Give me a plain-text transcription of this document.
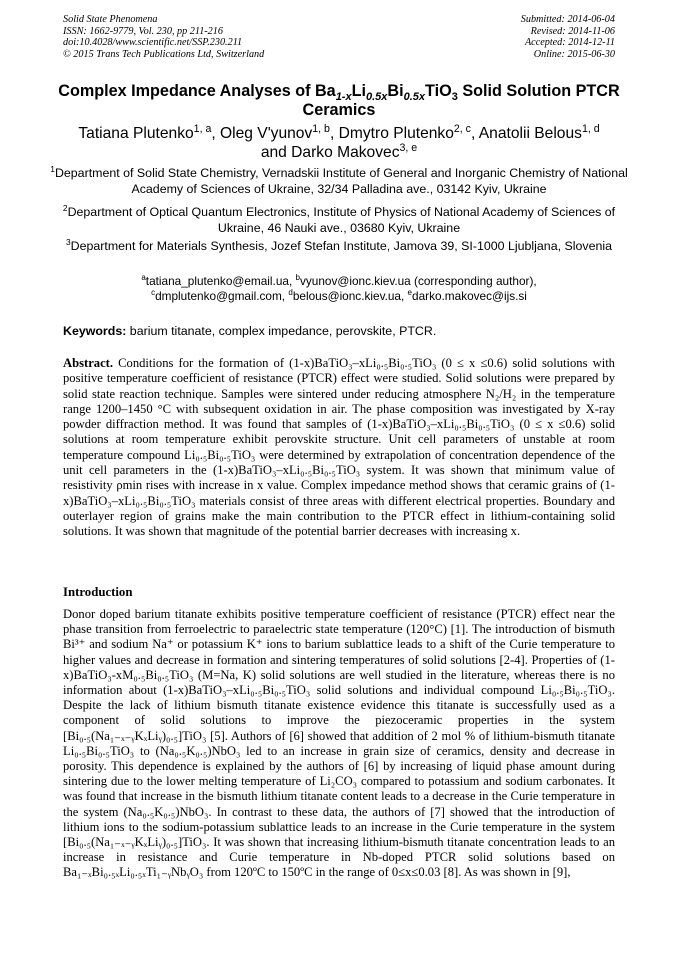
Solid State Phenomena
ISSN: 1662-9779, Vol. 230, pp 211-216
doi:10.4028/www.scientific.net/SSP.230.211
© 2015 Trans Tech Publications Ltd, Switzerland
Submitted: 2014-06-04
Revised: 2014-11-06
Accepted: 2014-12-11
Online: 2015-06-30
Complex Impedance Analyses of $Ba_{1-x}Li_{0.5x}Bi_{0.5x}TiO_3$ Solid Solution PTCR Ceramics
Tatiana Plutenko$^{1, a}$, Oleg V'yunov$^{1, b}$, Dmytro Plutenko$^{2, c}$, Anatolii Belous$^{1, d}$
and Darko Makovec$^{3, e}$
$^1$Department of Solid State Chemistry, Vernadskii Institute of General and Inorganic Chemistry of National Academy of Sciences of Ukraine, 32/34 Palladina ave., 03142 Kyiv, Ukraine
$^2$Department of Optical Quantum Electronics, Institute of Physics of National Academy of Sciences of Ukraine, 46 Nauki ave., 03680 Kyiv, Ukraine
$^3$Department for Materials Synthesis, Jozef Stefan Institute, Jamova 39, SI-1000 Ljubljana, Slovenia
$^a$tatiana_plutenko@email.ua, $^b$vyunov@ionc.kiev.ua (corresponding author),
$^c$dmplutenko@gmail.com, $^d$belous@ionc.kiev.ua, $^e$darko.makovec@ijs.si
Keywords: barium titanate, complex impedance, perovskite, PTCR.

Abstract. Conditions for the formation of (1-x)BaTiO₃–xLi₀.₅Bi₀.₅TiO₃ (0 ≤ x ≤0.6) solid solutions with positive temperature coefficient of resistance (PTCR) effect were studied. Solid solutions were prepared by solid state reaction technique. Samples were sintered under reducing atmosphere N₂/H₂ in the temperature range 1200–1450 °C with subsequent oxidation in air. The phase composition was investigated by X-ray powder diffraction method. It was found that samples of (1-x)BaTiO₃–xLi₀.₅Bi₀.₅TiO₃ (0 ≤ x ≤0.6) solid solutions at room temperature exhibit perovskite structure. Unit cell parameters of unstable at room temperature compound Li₀.₅Bi₀.₅TiO₃ were determined by extrapolation of concentration dependence of the unit cell parameters in the (1-x)BaTiO₃–xLi₀.₅Bi₀.₅TiO₃ system. It was shown that minimum value of resistivity ρmin rises with increase in x value. Complex impedance method shows that ceramic grains of (1-x)BaTiO₃–xLi₀.₅Bi₀.₅TiO₃ materials consist of three areas with different electrical properties. Boundary and outerlayer region of grains make the main contribution to the PTCR effect in lithium-containing solid solutions. It was shown that magnitude of the potential barrier decreases with increasing x.

Introduction

Donor doped barium titanate exhibits positive temperature coefficient of resistance (PTCR) effect near the phase transition from ferroelectric to paraelectric state temperature (120°C) [1]. The introduction of bismuth Bi³⁺ and sodium Na⁺ or potassium K⁺ ions to barium sublattice leads to a shift of the Curie temperature to higher values and decrease in formation and sintering temperatures of solid solutions [2-4]. Properties of (1-x)BaTiO₃-xM₀.₅Bi₀.₅TiO₃ (M=Na, K) solid solutions are well studied in the literature, whereas there is no information about (1-x)BaTiO₃–xLi₀.₅Bi₀.₅TiO₃ solid solutions and individual compound Li₀.₅Bi₀.₅TiO₃. Despite the lack of lithium bismuth titanate existence evidence this titanate is successfully used as a component of solid solutions to improve the piezoceramic properties in the system [Bi₀.₅(Na₁₋ₓ₋ᵧKₓLiᵧ)₀.₅]TiO₃ [5]. Authors of [6] showed that addition of 2 mol % of lithium-bismuth titanate Li₀.₅Bi₀.₅TiO₃ to (Na₀.₅K₀.₅)NbO₃ led to an increase in grain size of ceramics, density and decrease in porosity. This dependence is explained by the authors of [6] by increasing of liquid phase amount during sintering due to the lower melting temperature of Li₂CO₃ compared to potassium and sodium carbonates. It was found that increase in the bismuth lithium titanate content leads to a decrease in the Curie temperature in the system (Na₀.₅K₀.₅)NbO₃. In contrast to these data, the authors of [7] showed that the introduction of lithium ions to the sodium-potassium sublattice leads to an increase in the Curie temperature in the system [Bi₀.₅(Na₁₋ₓ₋ᵧKₓLiᵧ)₀.₅]TiO₃. It was shown that increasing lithium-bismuth titanate concentration leads to an increase in resistance and Curie temperature in Nb-doped PTCR solid solutions based on Ba₁₋ₓBi₀.₅ₓLi₀.₅ₓTi₁₋ᵧNbᵧO₃ from 120ºC to 150ºC in the range of 0≤x≤0.03 [8]. As was shown in [9],
